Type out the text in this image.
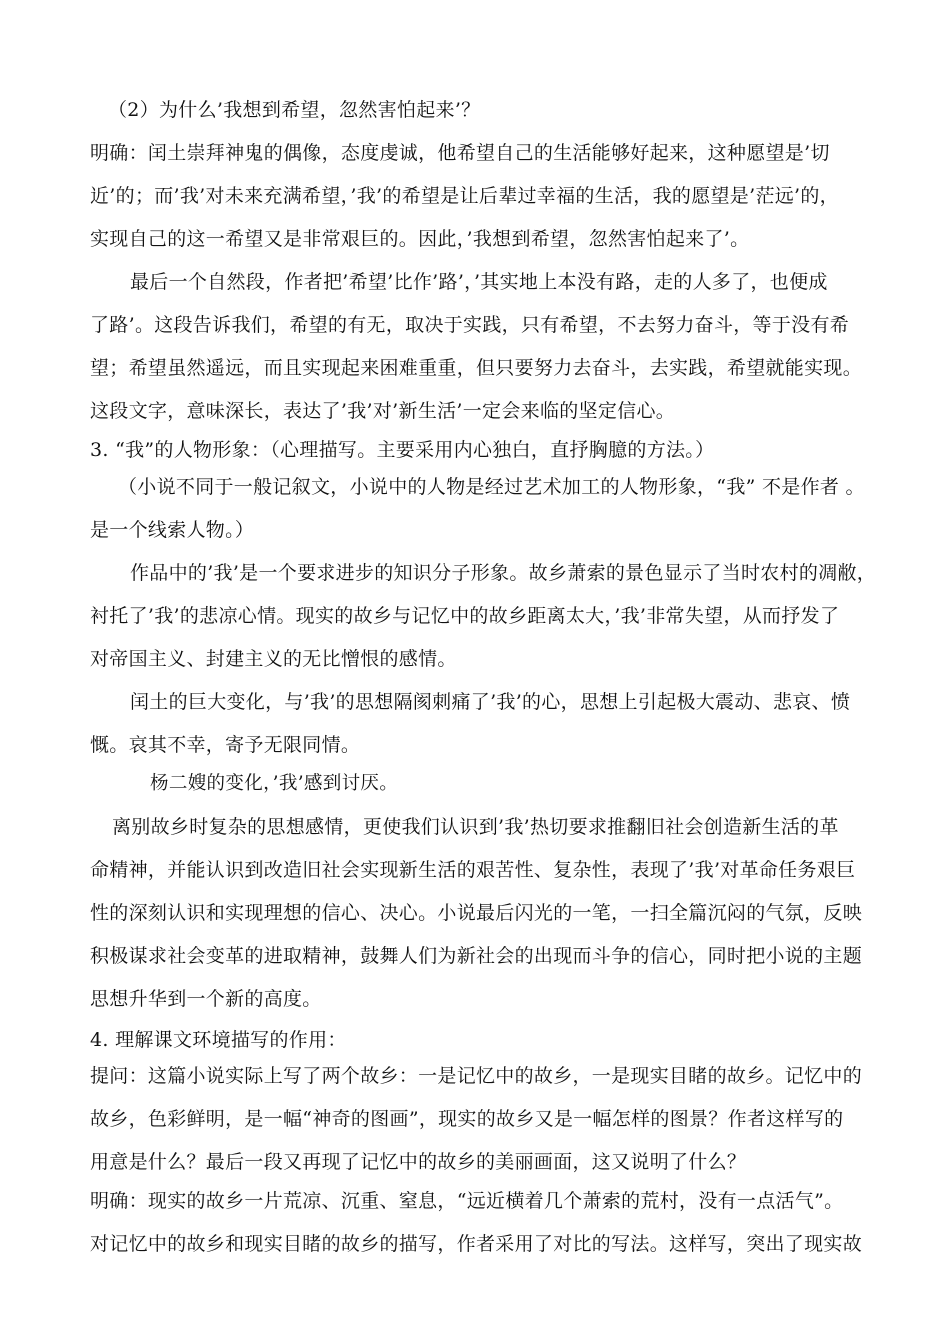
（2）为什么’我想到希望，忽然害怕起来’？
明确：闰土崇拜神鬼的偶像，态度虔诚，他希望自己的生活能够好起来，这种愿望是’切
近’的；而’我’对未来充满希望，’我’的希望是让后辈过幸福的生活，我的愿望是’茫远’的，
实现自己的这一希望又是非常艰巨的。因此，’我想到希望，忽然害怕起来了’。
最后一个自然段，作者把’希望’比作’路’，’其实地上本没有路，走的人多了，也便成
了路’。这段告诉我们，希望的有无，取决于实践，只有希望，不去努力奋斗，等于没有希
望；希望虽然遥远，而且实现起来困难重重，但只要努力去奋斗，去实践，希望就能实现。
这段文字，意味深长，表达了’我’对’新生活’一定会来临的坚定信心。
3. “我”的人物形象：（心理描写。主要采用内心独白，直抒胸臆的方法。）
（小说不同于一般记叙文，小说中的人物是经过艺术加工的人物形象，“我” 不是作者 。
是一个线索人物。）
作品中的’我’是一个要求进步的知识分子形象。故乡萧索的景色显示了当时农村的凋敝，
衬托了’我’的悲凉心情。现实的故乡与记忆中的故乡距离太大，’我’非常失望，从而抒发了
对帝国主义、封建主义的无比憎恨的感情。
闰土的巨大变化，与’我’的思想隔阂刺痛了’我’的心，思想上引起极大震动、悲哀、愤
慨。哀其不幸，寄予无限同情。
杨二嫂的变化，’我’感到讨厌。
离别故乡时复杂的思想感情，更使我们认识到’我’热切要求推翻旧社会创造新生活的革
命精神，并能认识到改造旧社会实现新生活的艰苦性、复杂性，表现了’我’对革命任务艰巨
性的深刻认识和实现理想的信心、决心。小说最后闪光的一笔，一扫全篇沉闷的气氛，反映
积极谋求社会变革的进取精神，鼓舞人们为新社会的出现而斗争的信心，同时把小说的主题
思想升华到一个新的高度。
4. 理解课文环境描写的作用：
提问：这篇小说实际上写了两个故乡：一是记忆中的故乡，一是现实目睹的故乡。记忆中的
故乡，色彩鲜明，是一幅“神奇的图画”，现实的故乡又是一幅怎样的图景？作者这样写的
用意是什么？最后一段又再现了记忆中的故乡的美丽画面，这又说明了什么？
明确：现实的故乡一片荒凉、沉重、窒息，“远近横着几个萧索的荒村，没有一点活气”。
对记忆中的故乡和现实目睹的故乡的描写，作者采用了对比的写法。这样写，突出了现实故
